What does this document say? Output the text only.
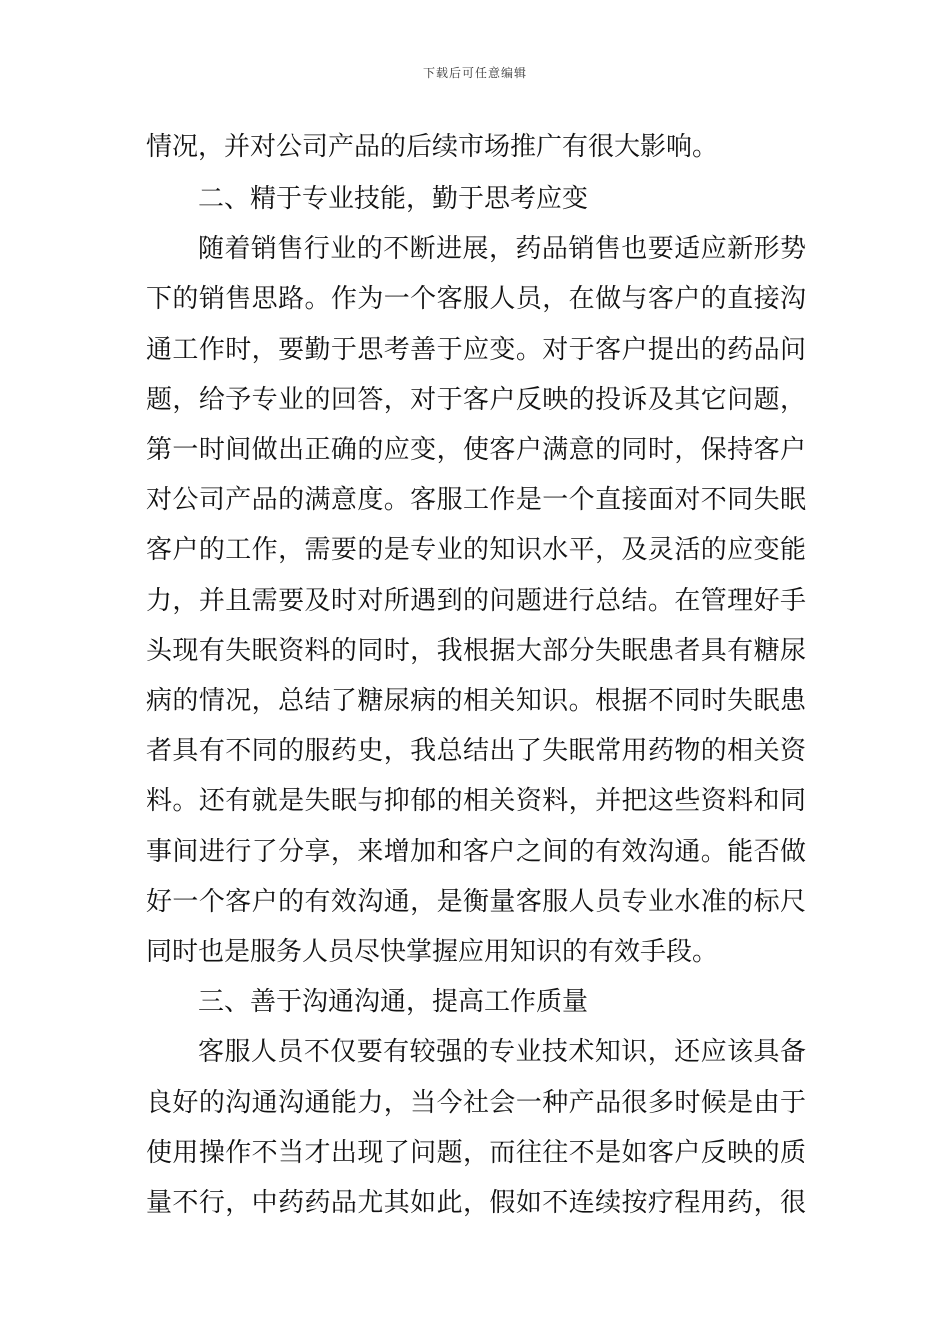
下载后可任意编辑
情况，并对公司产品的后续市场推广有很大影响。
二、精于专业技能，勤于思考应变
随着销售行业的不断进展，药品销售也要适应新形势
下的销售思路。作为一个客服人员，在做与客户的直接沟
通工作时，要勤于思考善于应变。对于客户提出的药品问
题，给予专业的回答，对于客户反映的投诉及其它问题，
第一时间做出正确的应变，使客户满意的同时，保持客户
对公司产品的满意度。客服工作是一个直接面对不同失眠
客户的工作，需要的是专业的知识水平，及灵活的应变能
力，并且需要及时对所遇到的问题进行总结。在管理好手
头现有失眠资料的同时，我根据大部分失眠患者具有糖尿
病的情况，总结了糖尿病的相关知识。根据不同时失眠患
者具有不同的服药史，我总结出了失眠常用药物的相关资
料。还有就是失眠与抑郁的相关资料，并把这些资料和同
事间进行了分享，来增加和客户之间的有效沟通。能否做
好一个客户的有效沟通，是衡量客服人员专业水准的标尺
同时也是服务人员尽快掌握应用知识的有效手段。
三、善于沟通沟通，提高工作质量
客服人员不仅要有较强的专业技术知识，还应该具备
良好的沟通沟通能力，当今社会一种产品很多时候是由于
使用操作不当才出现了问题，而往往不是如客户反映的质
量不行，中药药品尤其如此，假如不连续按疗程用药，很
